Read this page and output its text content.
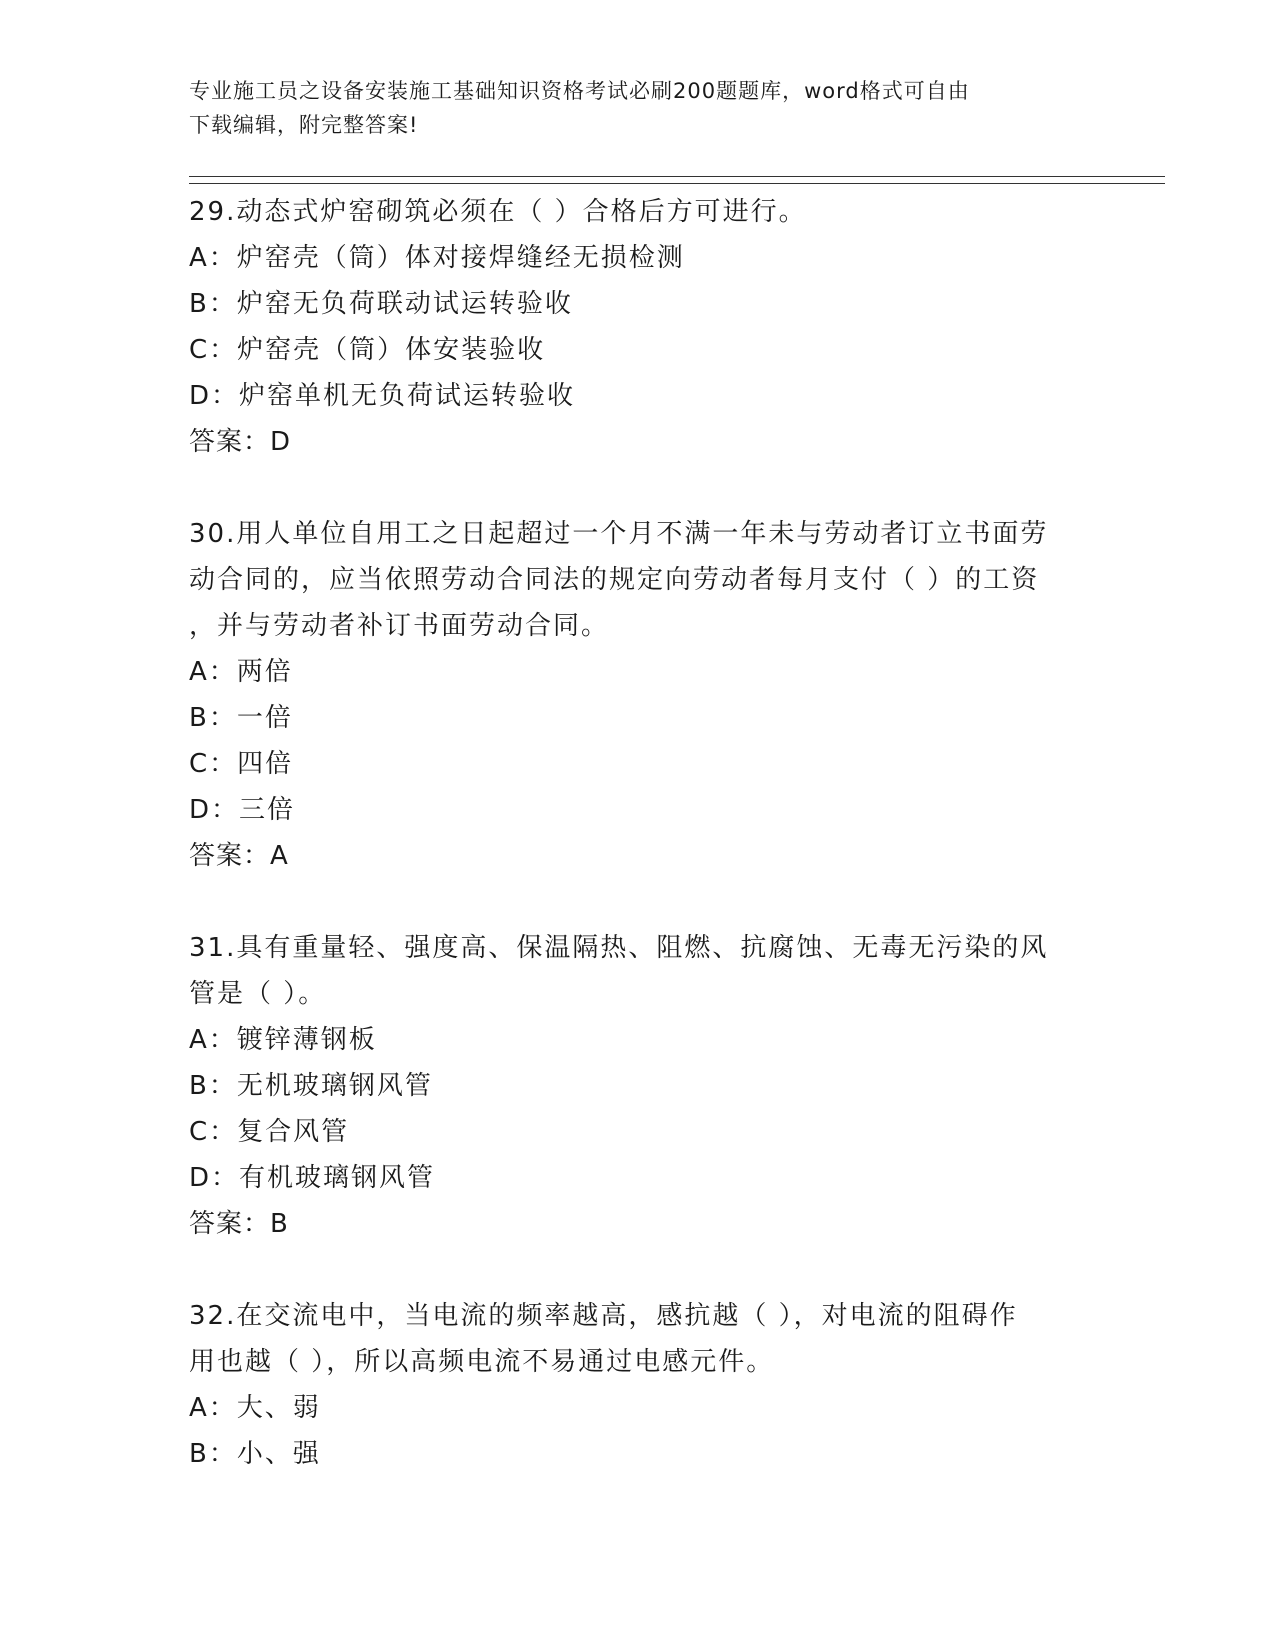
专业施工员之设备安装施工基础知识资格考试必刷200题题库，word格式可自由
下载编辑，附完整答案!
29.动态式炉窑砌筑必须在（ ）合格后方可进行。
A：炉窑壳（筒）体对接焊缝经无损检测
B：炉窑无负荷联动试运转验收
C：炉窑壳（筒）体安装验收
D：炉窑单机无负荷试运转验收
答案：D
30.用人单位自用工之日起超过一个月不满一年未与劳动者订立书面劳
动合同的，应当依照劳动合同法的规定向劳动者每月支付（ ）的工资
，并与劳动者补订书面劳动合同。
A：两倍
B：一倍
C：四倍
D：三倍
答案：A
31.具有重量轻、强度高、保温隔热、阻燃、抗腐蚀、无毒无污染的风
管是（ ）。
A：镀锌薄钢板
B：无机玻璃钢风管
C：复合风管
D：有机玻璃钢风管
答案：B
32.在交流电中，当电流的频率越高，感抗越（ ），对电流的阻碍作
用也越（ ），所以高频电流不易通过电感元件。
A：大、弱
B：小、强
